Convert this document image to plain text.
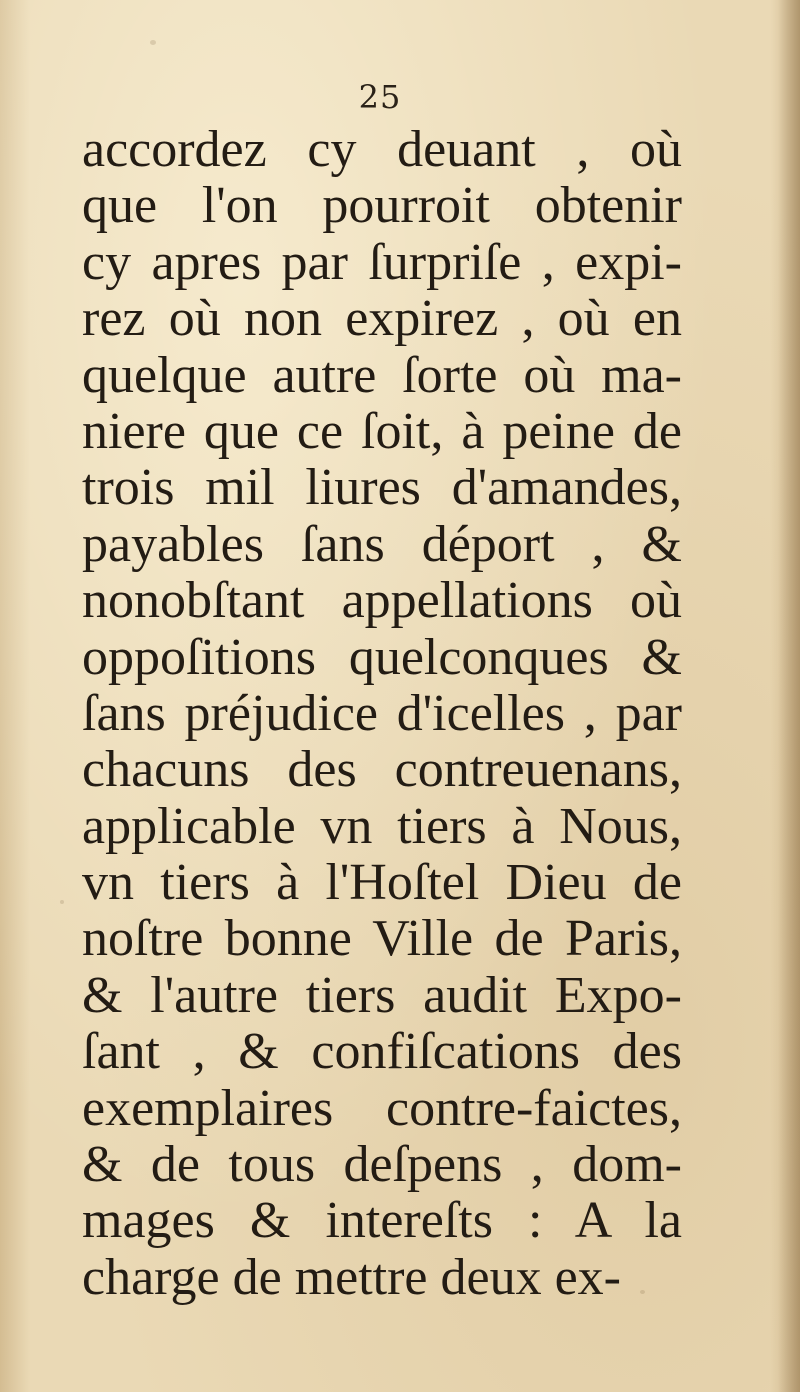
25
accordez cy deuant , où
que l'on pourroit obtenir
cy apres par ſurpriſe , expi-
rez où non expirez , où en
quelque autre ſorte où ma-
niere que ce ſoit, à peine de
trois mil liures d'amandes,
payables ſans déport , &
nonobſtant appellations où
oppoſitions quelconques &
ſans préjudice d'icelles , par
chacuns des contreuenans,
applicable vn tiers à Nous,
vn tiers à l'Hoſtel Dieu de
noſtre bonne Ville de Paris,
& l'autre tiers audit Expo-
ſant , & confiſcations des
exemplaires contre-faictes,
& de tous deſpens , dom-
mages & intereſts : A la
charge de mettre deux ex-
